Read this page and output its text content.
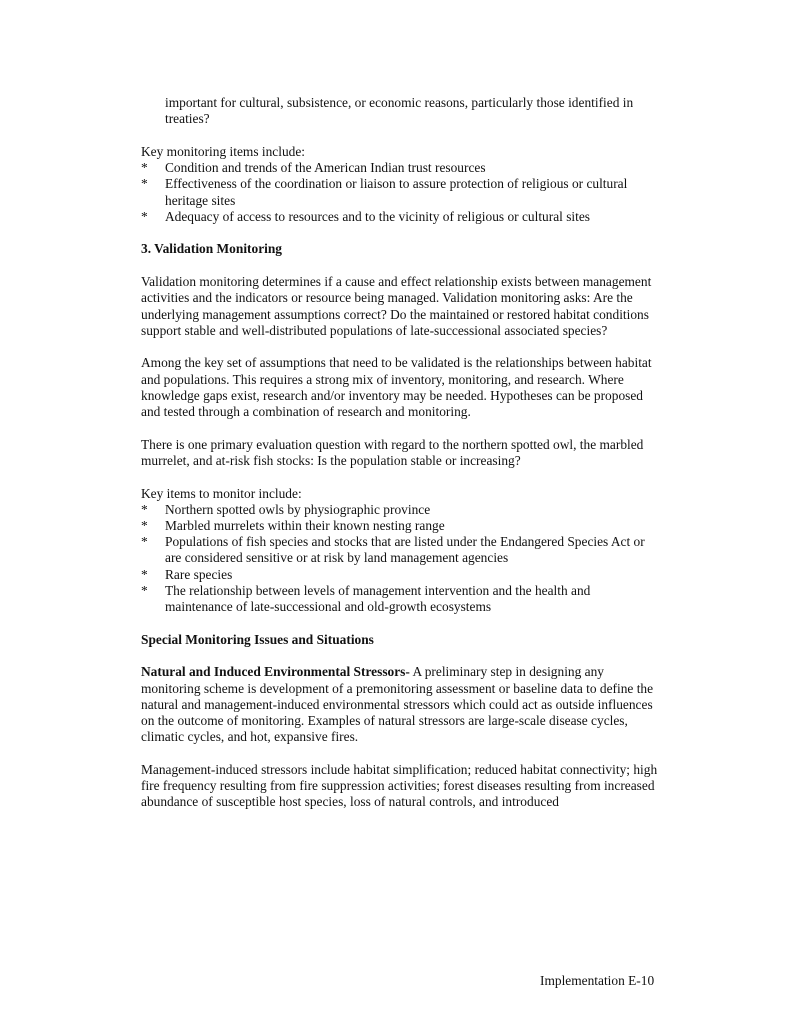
important for cultural, subsistence, or economic reasons, particularly those identified in treaties?

Key monitoring items include:

* Condition and trends of the American Indian trust resources
* Effectiveness of the coordination or liaison to assure protection of religious or cultural heritage sites
* Adequacy of access to resources and to the vicinity of religious or cultural sites

3. Validation Monitoring

Validation monitoring determines if a cause and effect relationship exists between management activities and the indicators or resource being managed. Validation monitoring asks: Are the underlying management assumptions correct? Do the maintained or restored habitat conditions support stable and well-distributed populations of late-successional associated species?

Among the key set of assumptions that need to be validated is the relationships between habitat and populations. This requires a strong mix of inventory, monitoring, and research. Where knowledge gaps exist, research and/or inventory may be needed. Hypotheses can be proposed and tested through a combination of research and monitoring.

There is one primary evaluation question with regard to the northern spotted owl, the marbled murrelet, and at-risk fish stocks: Is the population stable or increasing?

Key items to monitor include:

* Northern spotted owls by physiographic province
* Marbled murrelets within their known nesting range
* Populations of fish species and stocks that are listed under the Endangered Species Act or are considered sensitive or at risk by land management agencies
* Rare species
* The relationship between levels of management intervention and the health and maintenance of late-successional and old-growth ecosystems

Special Monitoring Issues and Situations

Natural and Induced Environmental Stressors- A preliminary step in designing any monitoring scheme is development of a premonitoring assessment or baseline data to define the natural and management-induced environmental stressors which could act as outside influences on the outcome of monitoring. Examples of natural stressors are large-scale disease cycles, climatic cycles, and hot, expansive fires.

Management-induced stressors include habitat simplification; reduced habitat connectivity; high fire frequency resulting from fire suppression activities; forest diseases resulting from increased abundance of susceptible host species, loss of natural controls, and introduced

Implementation E-10
